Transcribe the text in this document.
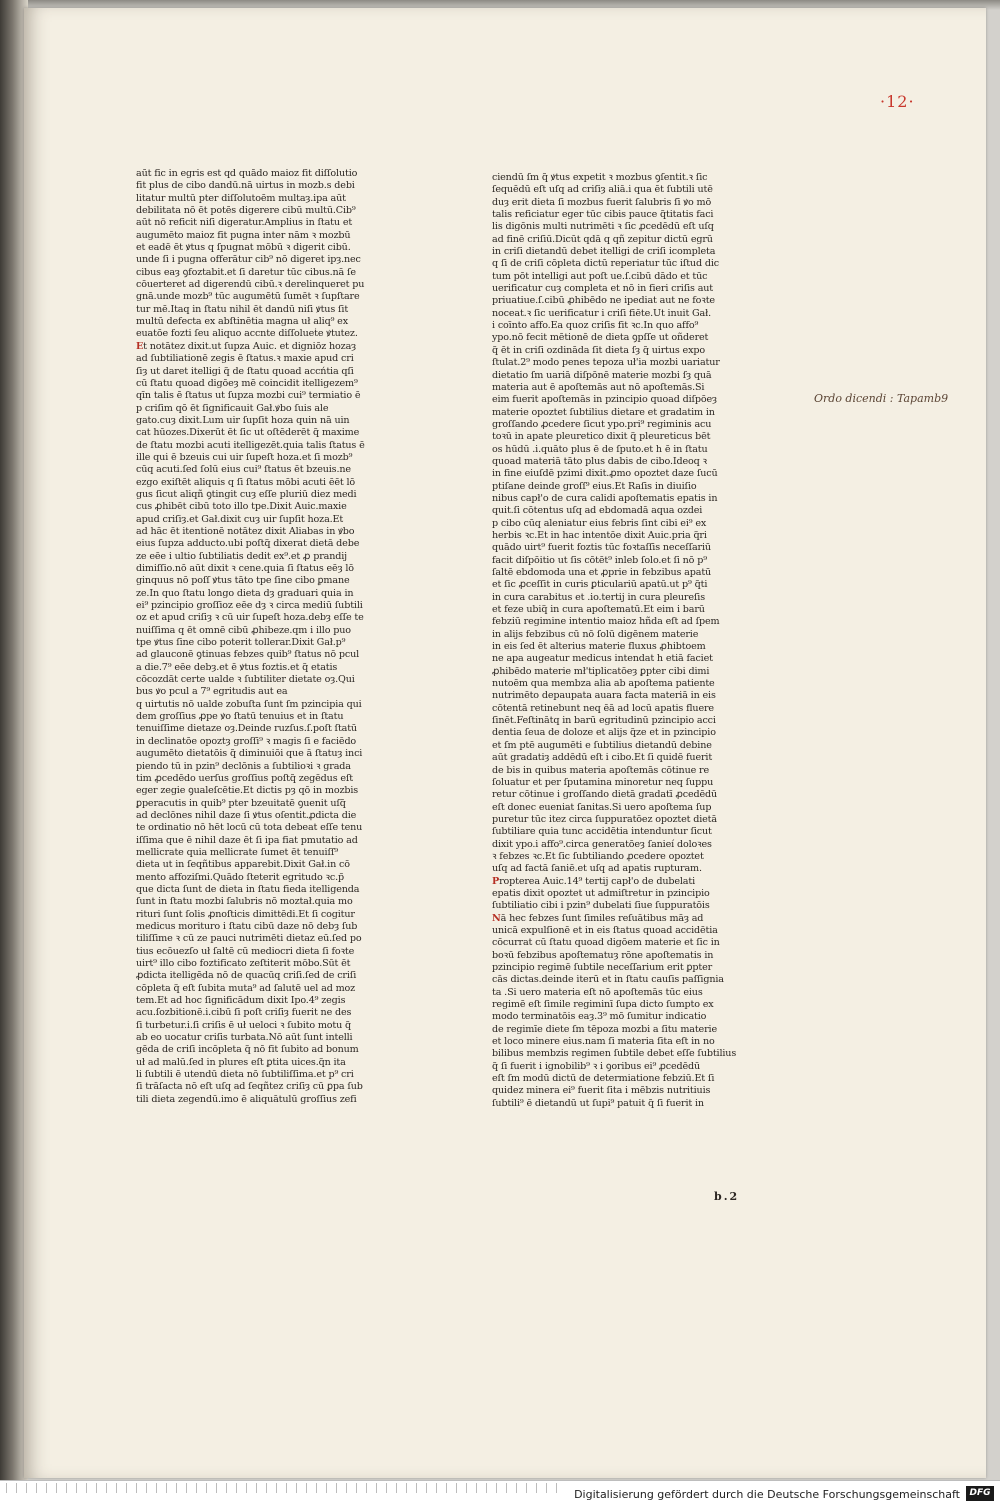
·12·
Ordo dicendi : Tapamb9
aūt fic in egris est qd quādo maioz fit diſſolutio
fit plus de cibo dandū.nā uirtus in mozb.s debi
litatur multū pter diſſolutoēm multaȝ.ipa aūt
debilitata nō ēt potēs digerere cibū multū.Cib⁹
aūt nō reficit niſi digeratur.Amplius in ſtatu et
augumēto maioz fit pugna inter nām ꝛ mozbū
et eadē ēt ꝟtus q ſpugnat mōbū ꝛ digerit cibū.
unde ſi i pugna offerātur cib⁹ nō digeret ipȝ.nec
cibus eaȝ ꝯfoztabit.et ſi daretur tūc cibus.nā ſe
cōuerteret ad digerendū cibū.ꝛ derelinqueret pu
gnā.unde mozb⁹ tūc augumētū ſumēt ꝛ ſupſtare
tur mē.Itaq in ſtatu nihil ēt dandū niſi ꝟtus ſit
multū defecta ex abſtinētia magna uł aliq⁹ ex
euatōe fozti ſeu aliquo accnte diſſolueṫe ꝟtutez.
Et notātez dixit.ut ſupza Auic. et digniōz hozaȝ
ad ſubtiliationē zegis ē ſtatus.ꝛ maxie apud cri
ſiȝ ut daret itelligi q̃ de ſtatu quoad accńtia qſi
cū ſtatu quoad digōeȝ mē coincidit itelligezem⁹
qīn talis ē ſtatus ut ſupza mozbi cui⁹ termiatio ē
p criſim qō ēt ſignificauit Gał.ꝟbo ſuis ale
gato.cuȝ dixit.Lum uir ſupſit hoza quin nā uin
cat hūozes.Dixerūt ēt ſic ut oſtēderēt q̃ maxime
de ſtatu mozbi acuti itelligezēt.quia talis ſtatus ē
ille qui ē bzeuis cui uir ſupeſt hoza.et ſi mozb⁹
cūq acuti.ſed ſolū eius cui⁹ ſtatus ēt bzeuis.ne
ezgo exiſtēt aliquis q ſi ſtatus mōbi acuti ēēt lō
gus ſicut aliqñ ꝯtingit cuȝ eſſe pluriū diez medi
cus ꝓhibēt cibū toto illo tpe.Dixit Auic.maxie
apud criſiȝ.et Gał.dixit cuȝ uir ſupſit hoza.Et
ad hāc ēt itentionē notātez dixit Aliabas in ꝟbo
eius ſupza adducto.ubi poſtq̃ dixerat dietā debe
ze eēe i ultio ſubtiliatis dedit ex⁹.et ꝓ prandij
dimiſſio.nō aūt dixit ꝛ cene.quia ſi ſtatus eēȝ lō
ginquus nō poſſ ꝟtus tāto tpe ſine cibo ꝑmane
ze.In quo ſtatu longo dieta dȝ graduari quia in
ei⁹ pzincipio groſſioz eēe dȝ ꝛ circa mediū ſubtili
oz et apud criſiȝ ꝛ cū uir ſupeſt hoza.debȝ eſſe te
nuiſſima q ēt omnē cibū ꝓhibeze.qm i illo puo
tpe ꝟtus ſine cibo poterit tollerar.Dixit Gał.p⁹
ad glauconē ꝯtinuas febzes quib⁹ ſtatus nō pcul
a die.7⁹ eēe debȝ.et ē ꝟtus foztis.et q̃ etatis
cōcozdāt certe ualde ꝛ ſubtiliter dietate oȝ.Qui
bus ꝟo pcul a 7⁹ egritudis aut ea
q uirtutis nō ualde zobuſta ſunt ſm pzincipia qui
dem groſſius ꝓpe ꝟo ſtatū tenuius et in ſtatu
tenuiſſime dietaze oȝ.Deinde ruzſus.ſ.poſt ſtatū
in declinatōe opoztȝ groſſi⁹ ꝛ magis ſi e faciēdo
augumēto dietatōis q̃ diminuiōi que ā ſtatuȝ inci
piendo tū in pzin⁹ declōnis a ſubtilioꝛi ꝛ grada
tim ꝓcedēdo uerſus groſſius poſtq̃ zegēdus eſt
eger zegie ꝯualeſcētie.Et dictis pȝ qō in mozbis
ꝑperacutis in quib⁹ pter bzeuitatē ꝯuenit uſq̃
ad declōnes nihil daze ſi ꝟtus oſentit.ꝓdicta die
te ordinatio nō hēt locū cū tota debeat eſſe tenu
iſſima que ē nihil daze ēt ſi ipa fiat pmutatio ad
mellicrate quia mellicrate ſumet ēt tenuiſſ⁹
dieta ut in ſeqñtibus apparebit.Dixit Gał.in cō
mento affoziſmi.Quādo ſteterit egritudo ꝛc.p̃
que dicta ſunt de dieta in ſtatu fieda itelligenda
ſunt in ſtatu mozbi ſalubris nō moztał.quia mo
rituri ſunt ſolis ꝓnoſticis dimittēdi.Et ſi cogitur
medicus morituro i ſtatu cibū daze nō debȝ ſub
tiliſſime ꝛ cū ze pauci nutrimēti dietaz eū.ſed po
tius ecōuezſo uł ſaltē cū mediocri dieta ſi foꝛte
uirt⁹ illo cibo foztificato zeſtiterit mōbo.Sūt ēt
ꝓdicta itelligēda nō de quacūq criſi.ſed de criſi
cōpleta q̃ eſt ſubita muta⁹ ad ſalutē uel ad moz
tem.Et ad hoc ſignificādum dixit Ipo.4⁹ zegis
acu.ſozbitionē.i.cibū ſi poſt criſiȝ fuerit ne des
ſi turbetur.i.ſi criſis ē uł ueloci ꝛ ſubito motu q̃
ab eo uocatur criſis turbata.Nō aūt ſunt intelli
gēda de criſi incōpleta q̃ nō fit ſubito ad bonum
uł ad malū.ſed in plures eſt ꝑtita uices.q̃n ita
li ſubtili ē utendū dieta nō ſubtiliſſima.et p⁹ cri
ſi trāſacta nō eſt uſq ad ſeqñtez criſiȝ cū ꝑpa ſub
tili dieta zegendū.imo ē aliquātulū groſſius zefi
ciendū ſm q̃ ꝟtus expetit ꝛ mozbus ꝯſentit.ꝛ ſic
ſequēdū eſt uſq ad criſiȝ aliā.i qua ēt ſubtili utē
duȝ erit dieta ſi mozbus fuerit ſalubris ſi ꝟo mō
talis reficiatur eger tūc cibis pauce q̃titatis faci
lis digōnis multi nutrimēti ꝛ ſic ꝓcedēdū eſt uſq
ad finē criſiū.Dicūt qdā q qñ zepitur dictū egrū
in criſi dietandū debet itelligi de criſi icompleta
q ſi de criſi cōpleta dictū reperiatur tūc iſtud dic
tum pōt intelligi aut poſt ue.ſ.cibū dādo et tūc
uerificatur cuȝ completa et nō in fieri criſis aut
priuatiue.ſ.cibū ꝓhibēdo ne ipediat aut ne foꝛte
noceat.ꝛ ſic uerificatur i criſi fiēte.Ut inuit Gał.
i coīnto affo.Ea quoz criſis fit ꝛc.In quo affo⁹
ypo.nō fecit mētionē de dieta ꝯpſſe ut oñderet
q̃ ēt in criſi ozdināda ſit dieta ſȝ q̃ uirtus expo
ſtulat.2⁹ modo penes tepoza uł'ia mozbi uariatur
dietatio ſm uariā diſpōnē materie mozbi ſȝ quā
materia aut ē apoſtemās aut nō apoſtemās.Si
eim fuerit apoſtemās in pzincipio quoad diſpōeȝ
materie opoztet ſubtilius dietare et gradatim in
groſſando ꝓcedere ſicut ypo.pri⁹ regiminis acu
toꝛū in apate pleuretico dixit q̃ pleureticus bēt
os hūdū .i.quāto plus ē de ſputo.et h ē in ſtatu
quoad materiā tāto plus dabis de cibo.Ideoq ꝛ
in fine eiuſdē pzimi dixit.ꝓmo opoztet daze ſucū
ptiſane deinde groſſ⁹ eius.Et Raſis in diuiſio
nibus capł'o de cura calidi apoſtematis epatis in
quit.ſi cōtentus uſq ad ebdomadā aqua ozdei
p cibo cūq aleniatur eius febris ſint cibi ei⁹ ex
herbis ꝛc.Et in hac intentōe dixit Auic.pria q̃ri
quādo uirt⁹ fuerit foztis tūc foꝛtaſſis neceſſariū
facit diſpōitio ut ſis cōtēt⁹ inleb ſolo.et ſi nō p⁹
ſaltē ebdomoda una et ꝓprie in febzibus apatū
et ſic ꝓceſſit in curis ꝑticulariū apatū.ut p⁹ q̃ti
in cura carabitus et .io.tertij in cura pleureſis
et feze ubiq̃ in cura apoſtematū.Et eim i barū
febziū regimine intentio maioz hñda eſt ad ſpem
in alijs febzibus cū nō ſolū digēnem materie
in eis ſed ēt alterius materie fluxus ꝓhibtoem
ne apa augeatur medicus intendat h etiā faciet
ꝓhibēdo materie mł'tiplicatōeȝ ꝑpter cibi dimi
nutoēm qua membza alia ab apoſtema patiente
nutrimēto depaupata auara facta materiā in eis
cōtentā retinebunt neq ēā ad locū apatis fluere
ſinēt.Feſtinātq in barū egritudinū pzincipio acci
dentia ſeua de doloze et alijs q̃ze et in pzincipio
et ſm ptē augumēti e ſubtilius dietandū debine
aūt gradatiȝ addēdū eſt i cibo.Et ſi quidē fuerit
de bis in quibus materia apoſtemās cōtinue re
ſoluatur et per ſputamina minoretur neq ſuppu
retur cōtinue i groſſando dietā gradatī ꝓcedēdū
eſt donec eueniat ſanitas.Si uero apoſtema ſup
puretur tūc itez circa ſuppuratōez opoztet dietā
ſubtiliare quia tunc accidētia intenduntur ſicut
dixit ypo.i affo⁹.circa generatōeȝ ſanieí doloꝛes
ꝛ febzes ꝛc.Et ſic ſubtiliando ꝓcedere opoztet
uſq ad factā ſaniē.et uſq ad apatis rupturam.
Propterea Auic.14⁹ tertij capł'o de dubelati
epatis dixit opoztet ut admiſtretur in pzincipio
ſubtiliatio cibi i pzin⁹ dubelati ſiue ſuppuratōis
Nā hec febzes ſunt ſimiles reſuātibus māȝ ad
unicā expulſionē et in eis ſtatus quoad accidētia
cōcurrat cū ſtatu quoad digōem materie et ſic in
boꝛū febzibus apoſtematuȝ rōne apoſtematis in
pzincipio regimē ſubtile neceſſarium erit ꝑpter
cās dictas.deinde iterū et in ſtatu cauſis paſſignia
ta .Si uero materia eſt nō apoſtemās tūc eius
regimē eſt ſimile regiminī ſupa dicto ſumpto ex
modo terminatōis eaȝ.3⁹ mō ſumitur indicatio
de regimīe diete ſm tēpoza mozbi a ſitu materie
et loco minere eius.nam ſi materia ſita eſt in no
bilibus membzis regimen ſubtile debet eſſe ſubtilius
q̃ ſi fuerit i ignobilib⁹ ꝛ i ꝯoribus ei⁹ ꝓcedēdū
eſt ſm modū dictū de determiatione febziū.Et ſi
quidez minera ei⁹ fuerit ſita i mēbzis nutritiuis
ſubtili⁹ ē dietandū ut ſupi⁹ patuit q̃ ſi fuerit in
b.2
Digitalisierung gefördert durch die Deutsche Forschungsgemeinschaft	DFG
